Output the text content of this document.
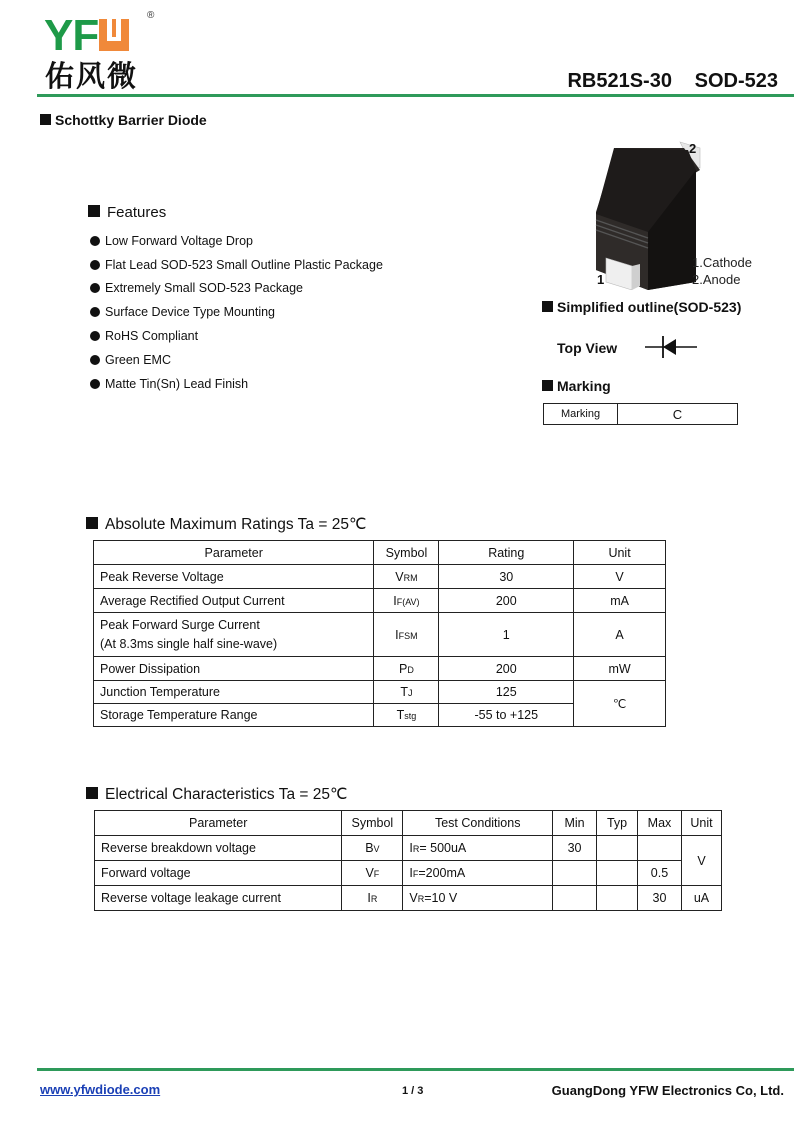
YF	®
佑风微	RB521S-30 SOD-523
Schottky Barrier Diode
Features
Low Forward Voltage Drop
Flat Lead SOD-523 Small Outline Plastic Package
Extremely Small SOD-523 Package
Surface Device Type Mounting
RoHS Compliant
Green EMC
Matte Tin(Sn) Lead Finish
2
1
1.Cathode
2.Anode
Simplified outline(SOD-523)
Top View
Marking
Marking	C
Absolute Maximum Ratings Ta = 25℃
Parameter	Symbol	Rating	Unit
Peak Reverse Voltage	VRM	30	V
Average Rectified Output Current	IF(AV)	200	mA

Peak Forward Surge Current
(At 8.3ms single half sine-wave)	IFSM	1	A
Power Dissipation	PD	200	mW
Junction Temperature	TJ	125	℃
Storage Temperature Range	Tstg	-55 to +125	
Electrical Characteristics Ta = 25℃
Parameter	Symbol	Test Conditions	Min	Typ	Max	Unit
Reverse breakdown voltage	BV	IR= 500uA	30			V
Forward voltage	VF	IF=200mA			0.5	
Reverse voltage leakage current	IR	VR=10 V			30	uA
www.yfwdiode.com	1 / 3	GuangDong YFW Electronics Co, Ltd.
